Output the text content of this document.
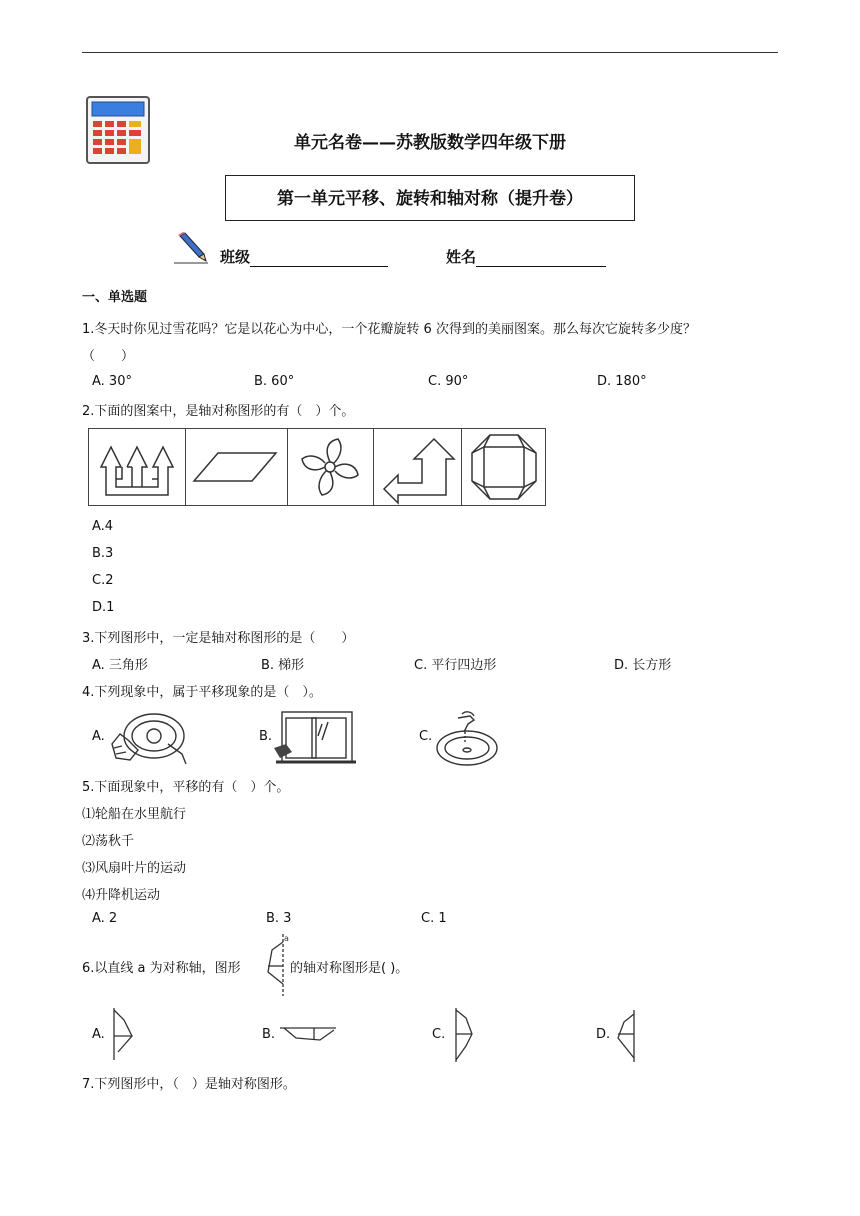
单元名卷——苏教版数学四年级下册
第一单元平移、旋转和轴对称（提升卷）
班级	姓名
一、单选题
1.冬天时你见过雪花吗？它是以花心为中心，一个花瓣旋转 6 次得到的美丽图案。那么每次它旋转多少度？
（　　）
A. 30°	B. 60°	C. 90°	D. 180°
2.下面的图案中，是轴对称图形的有（　）个。
A.4
B.3
C.2
D.1
3.下列图形中，一定是轴对称图形的是（　　）
A. 三角形	B. 梯形	C. 平行四边形	D. 长方形
4.下列现象中，属于平移现象的是（　）。
A.	B.	C.
5.下面现象中，平移的有（　）个。
⑴轮船在水里航行
⑵荡秋千
⑶风扇叶片的运动
⑷升降机运动
A. 2	B. 3	C. 1
6.以直线 a 为对称轴，图形
a
的轴对称图形是( )。
A.	B.	C.	D.
7.下列图形中，（　）是轴对称图形。
